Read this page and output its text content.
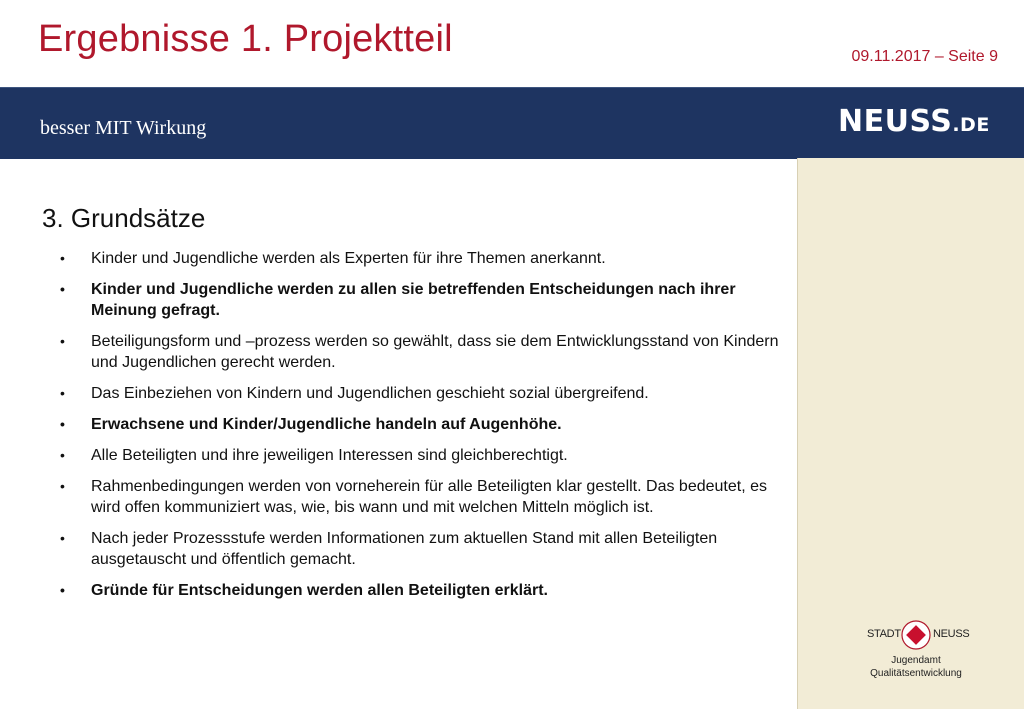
Ergebnisse 1. Projektteil	09.11.2017 – Seite 9
besser MIT Wirkung	NEUSS.DE
3. Grundsätze
• Kinder und Jugendliche werden als Experten für ihre Themen anerkannt.
• Kinder und Jugendliche werden zu allen sie betreffenden Entscheidungen nach ihrer Meinung gefragt.
• Beteiligungsform und –prozess werden so gewählt, dass sie dem Entwicklungsstand von Kindern und Jugendlichen gerecht werden.
• Das Einbeziehen von Kindern und Jugendlichen geschieht sozial übergreifend.
• Erwachsene und Kinder/Jugendliche handeln auf Augenhöhe.
• Alle Beteiligten und ihre jeweiligen Interessen sind gleichberechtigt.
• Rahmenbedingungen werden von vorneherein für alle Beteiligten klar gestellt. Das bedeutet, es wird offen kommuniziert was, wie, bis wann und mit welchen Mitteln möglich ist.
• Nach jeder Prozessstufe werden Informationen zum aktuellen Stand mit allen Beteiligten ausgetauscht und öffentlich gemacht.
• Gründe für Entscheidungen werden allen Beteiligten erklärt.
STADT	NEUSS
Jugendamt
Qualitätsentwicklung
